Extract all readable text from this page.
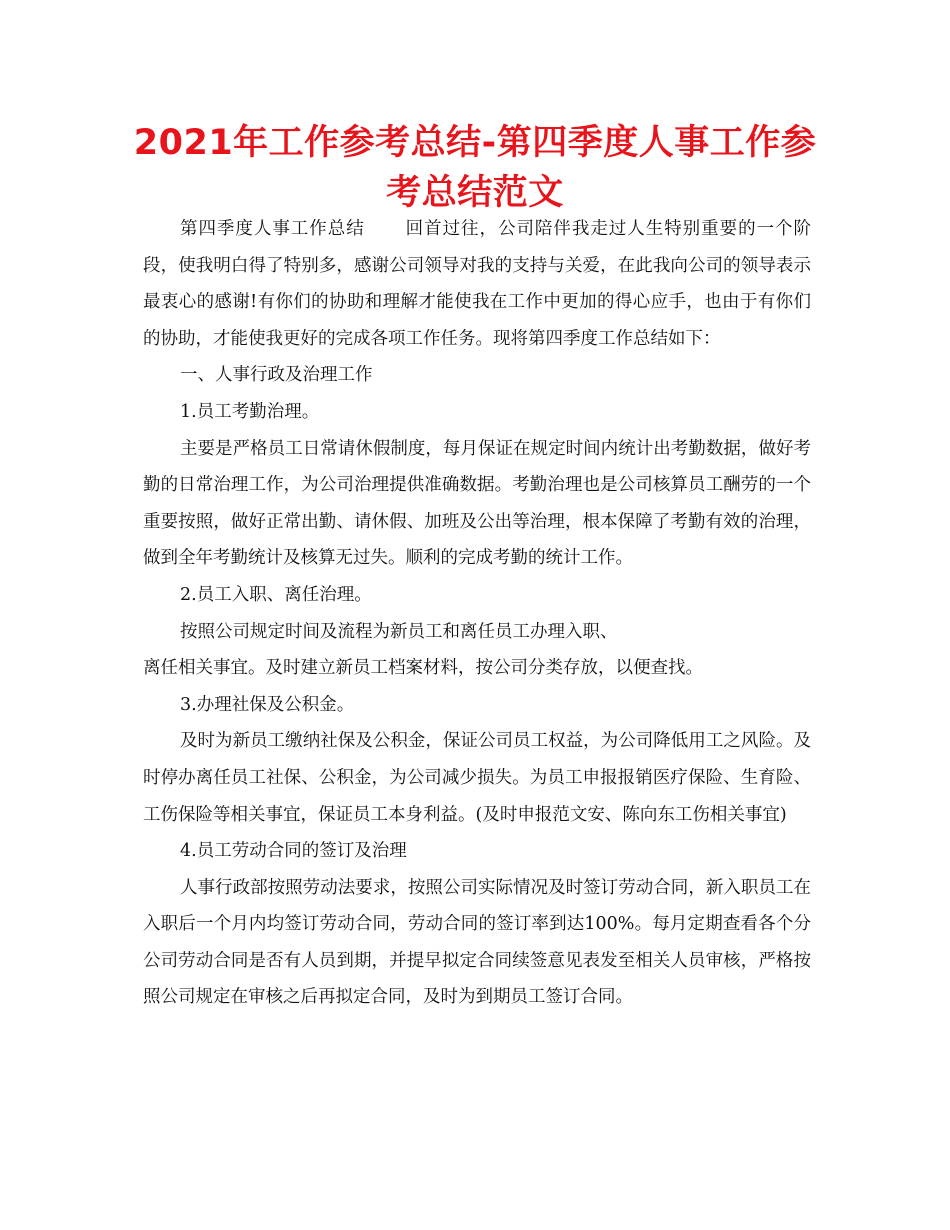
2021年工作参考总结-第四季度人事工作参考总结范文

第四季度人事工作总结 回首过往，公司陪伴我走过人生特别重要的一个阶段，使我明白得了特别多，感谢公司领导对我的支持与关爱，在此我向公司的领导表示最衷心的感谢!有你们的协助和理解才能使我在工作中更加的得心应手，也由于有你们的协助，才能使我更好的完成各项工作任务。现将第四季度工作总结如下：

一、人事行政及治理工作

1.员工考勤治理。

主要是严格员工日常请休假制度，每月保证在规定时间内统计出考勤数据，做好考勤的日常治理工作，为公司治理提供准确数据。考勤治理也是公司核算员工酬劳的一个重要按照，做好正常出勤、请休假、加班及公出等治理，根本保障了考勤有效的治理，做到全年考勤统计及核算无过失。顺利的完成考勤的统计工作。

2.员工入职、离任治理。

按照公司规定时间及流程为新员工和离任员工办理入职、

离任相关事宜。及时建立新员工档案材料，按公司分类存放，以便查找。

3.办理社保及公积金。

及时为新员工缴纳社保及公积金，保证公司员工权益，为公司降低用工之风险。及时停办离任员工社保、公积金，为公司减少损失。为员工申报报销医疗保险、生育险、工伤保险等相关事宜，保证员工本身利益。(及时申报范文安、陈向东工伤相关事宜)

4.员工劳动合同的签订及治理

人事行政部按照劳动法要求，按照公司实际情况及时签订劳动合同，新入职员工在入职后一个月内均签订劳动合同，劳动合同的签订率到达100%。每月定期查看各个分公司劳动合同是否有人员到期，并提早拟定合同续签意见表发至相关人员审核，严格按照公司规定在审核之后再拟定合同，及时为到期员工签订合同。
